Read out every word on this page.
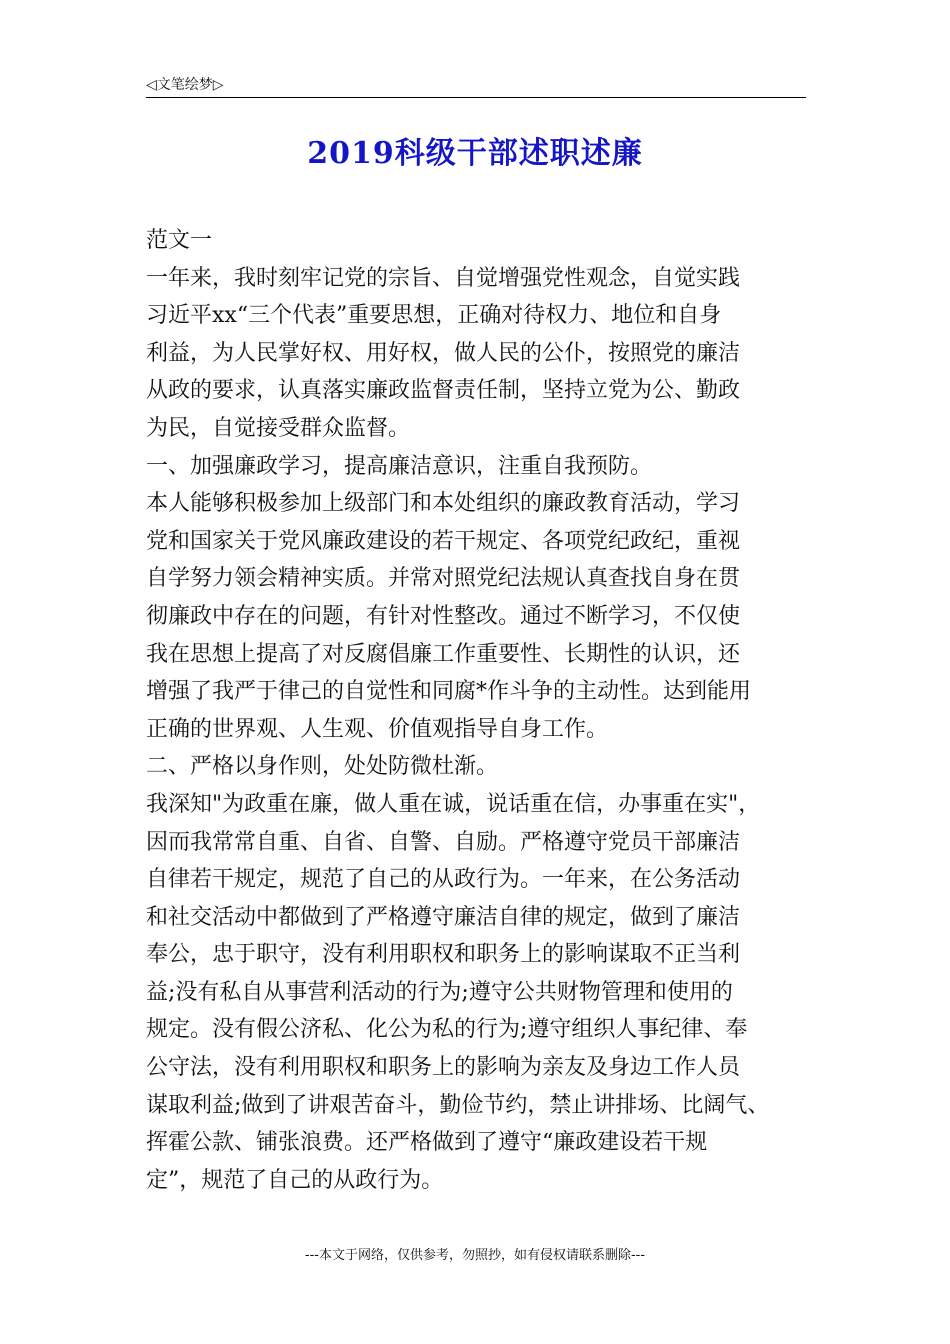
◁文笔绘梦▷
2019科级干部述职述廉
范文一
一年来，我时刻牢记党的宗旨、自觉增强党性观念，自觉实践
习近平xx“三个代表”重要思想，正确对待权力、地位和自身
利益，为人民掌好权、用好权，做人民的公仆，按照党的廉洁
从政的要求，认真落实廉政监督责任制，坚持立党为公、勤政
为民，自觉接受群众监督。
一、加强廉政学习，提高廉洁意识，注重自我预防。
本人能够积极参加上级部门和本处组织的廉政教育活动，学习
党和国家关于党风廉政建设的若干规定、各项党纪政纪，重视
自学努力领会精神实质。并常对照党纪法规认真查找自身在贯
彻廉政中存在的问题，有针对性整改。通过不断学习，不仅使
我在思想上提高了对反腐倡廉工作重要性、长期性的认识，还
增强了我严于律己的自觉性和同腐*作斗争的主动性。达到能用
正确的世界观、人生观、价值观指导自身工作。
二、严格以身作则，处处防微杜渐。
我深知"为政重在廉，做人重在诚，说话重在信，办事重在实"，
因而我常常自重、自省、自警、自励。严格遵守党员干部廉洁
自律若干规定，规范了自己的从政行为。一年来，在公务活动
和社交活动中都做到了严格遵守廉洁自律的规定，做到了廉洁
奉公，忠于职守，没有利用职权和职务上的影响谋取不正当利
益;没有私自从事营利活动的行为;遵守公共财物管理和使用的
规定。没有假公济私、化公为私的行为;遵守组织人事纪律、奉
公守法，没有利用职权和职务上的影响为亲友及身边工作人员
谋取利益;做到了讲艰苦奋斗，勤俭节约，禁止讲排场、比阔气、
挥霍公款、铺张浪费。还严格做到了遵守“廉政建设若干规
定”，规范了自己的从政行为。
---本文于网络，仅供参考，勿照抄，如有侵权请联系删除---
